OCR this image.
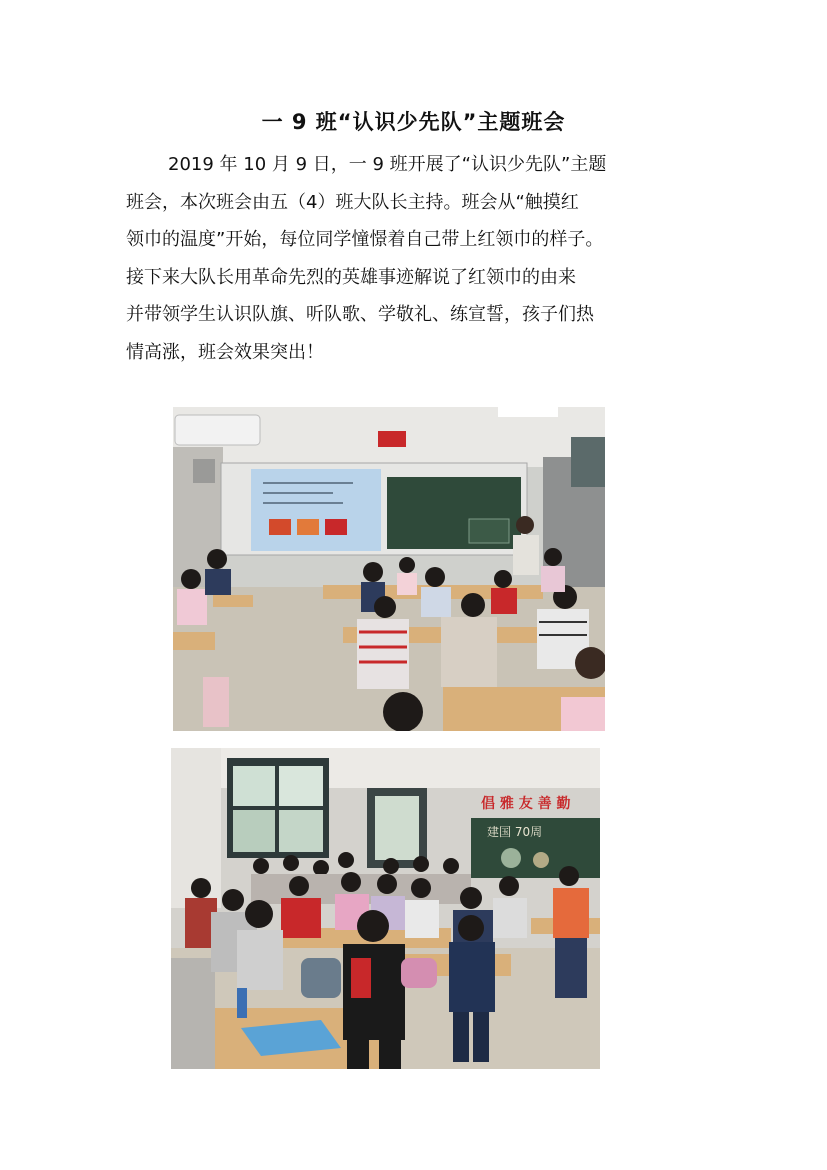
一 9 班“认识少先队”主题班会
2019 年 10 月 9 日，一 9 班开展了“认识少先队”主题
班会，本次班会由五（4）班大队长主持。班会从“触摸红
领巾的温度”开始，每位同学憧憬着自己带上红领巾的样子。
接下来大队长用革命先烈的英雄事迹解说了红领巾的由来
并带领学生认识队旗、听队歌、学敬礼、练宣誓，孩子们热
情高涨，班会效果突出！
倡 雅 友 善 勤
建国 70周
